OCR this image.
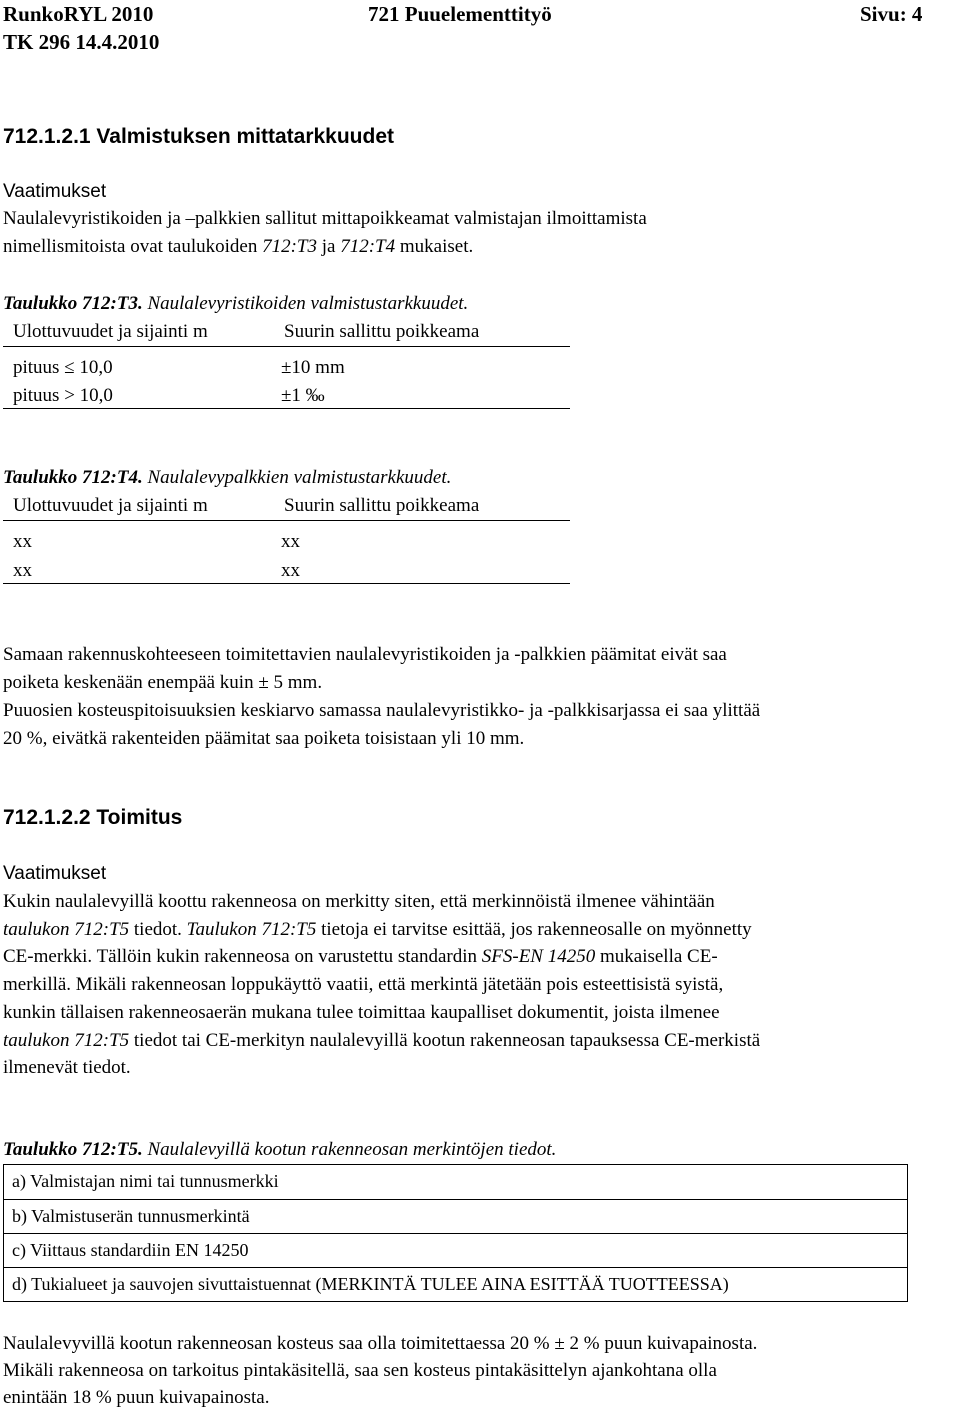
RunkoRYL 2010
TK 296 14.4.2010
721 Puuelementtityö	Sivu: 4
712.1.2.1 Valmistuksen mittatarkkuudet
Vaatimukset
Naulalevyristikoiden ja –palkkien sallitut mittapoikkeamat valmistajan ilmoittamista
nimellismitoista ovat taulukoiden 712:T3 ja 712:T4 mukaiset.
Taulukko 712:T3. Naulalevyristikoiden valmistustarkkuudet.
Ulottuvuudet ja sijainti m	Suurin sallittu poikkeama
pituus ≤ 10,0	±10 mm
pituus > 10,0	±1 ‰
Taulukko 712:T4. Naulalevypalkkien valmistustarkkuudet.
Ulottuvuudet ja sijainti m	Suurin sallittu poikkeama
xx	xx
xx	xx
Samaan rakennuskohteeseen toimitettavien naulalevyristikoiden ja -palkkien päämitat eivät saa
poiketa keskenään enempää kuin ± 5 mm.
Puuosien kosteuspitoisuuksien keskiarvo samassa naulalevyristikko- ja -palkkisarjassa ei saa ylittää
20 %, eivätkä rakenteiden päämitat saa poiketa toisistaan yli 10 mm.
712.1.2.2 Toimitus
Vaatimukset
Kukin naulalevyillä koottu rakenneosa on merkitty siten, että merkinnöistä ilmenee vähintään
taulukon 712:T5 tiedot. Taulukon 712:T5 tietoja ei tarvitse esittää, jos rakenneosalle on myönnetty
CE-merkki. Tällöin kukin rakenneosa on varustettu standardin SFS-EN 14250 mukaisella CE-
merkillä. Mikäli rakenneosan loppukäyttö vaatii, että merkintä jätetään pois esteettisistä syistä,
kunkin tällaisen rakenneosaerän mukana tulee toimittaa kaupalliset dokumentit, joista ilmenee
taulukon 712:T5 tiedot tai CE-merkityn naulalevyillä kootun rakenneosan tapauksessa CE-merkistä
ilmenevät tiedot.
Taulukko 712:T5. Naulalevyillä kootun rakenneosan merkintöjen tiedot.
a) Valmistajan nimi tai tunnusmerkki
b) Valmistuserän tunnusmerkintä
c) Viittaus standardiin EN 14250
d) Tukialueet ja sauvojen sivuttaistuennat (MERKINTÄ TULEE AINA ESITTÄÄ TUOTTEESSA)
Naulalevyvillä kootun rakenneosan kosteus saa olla toimitettaessa 20 % ± 2 % puun kuivapainosta.
Mikäli rakenneosa on tarkoitus pintakäsitellä, saa sen kosteus pintakäsittelyn ajankohtana olla
enintään 18 % puun kuivapainosta.
